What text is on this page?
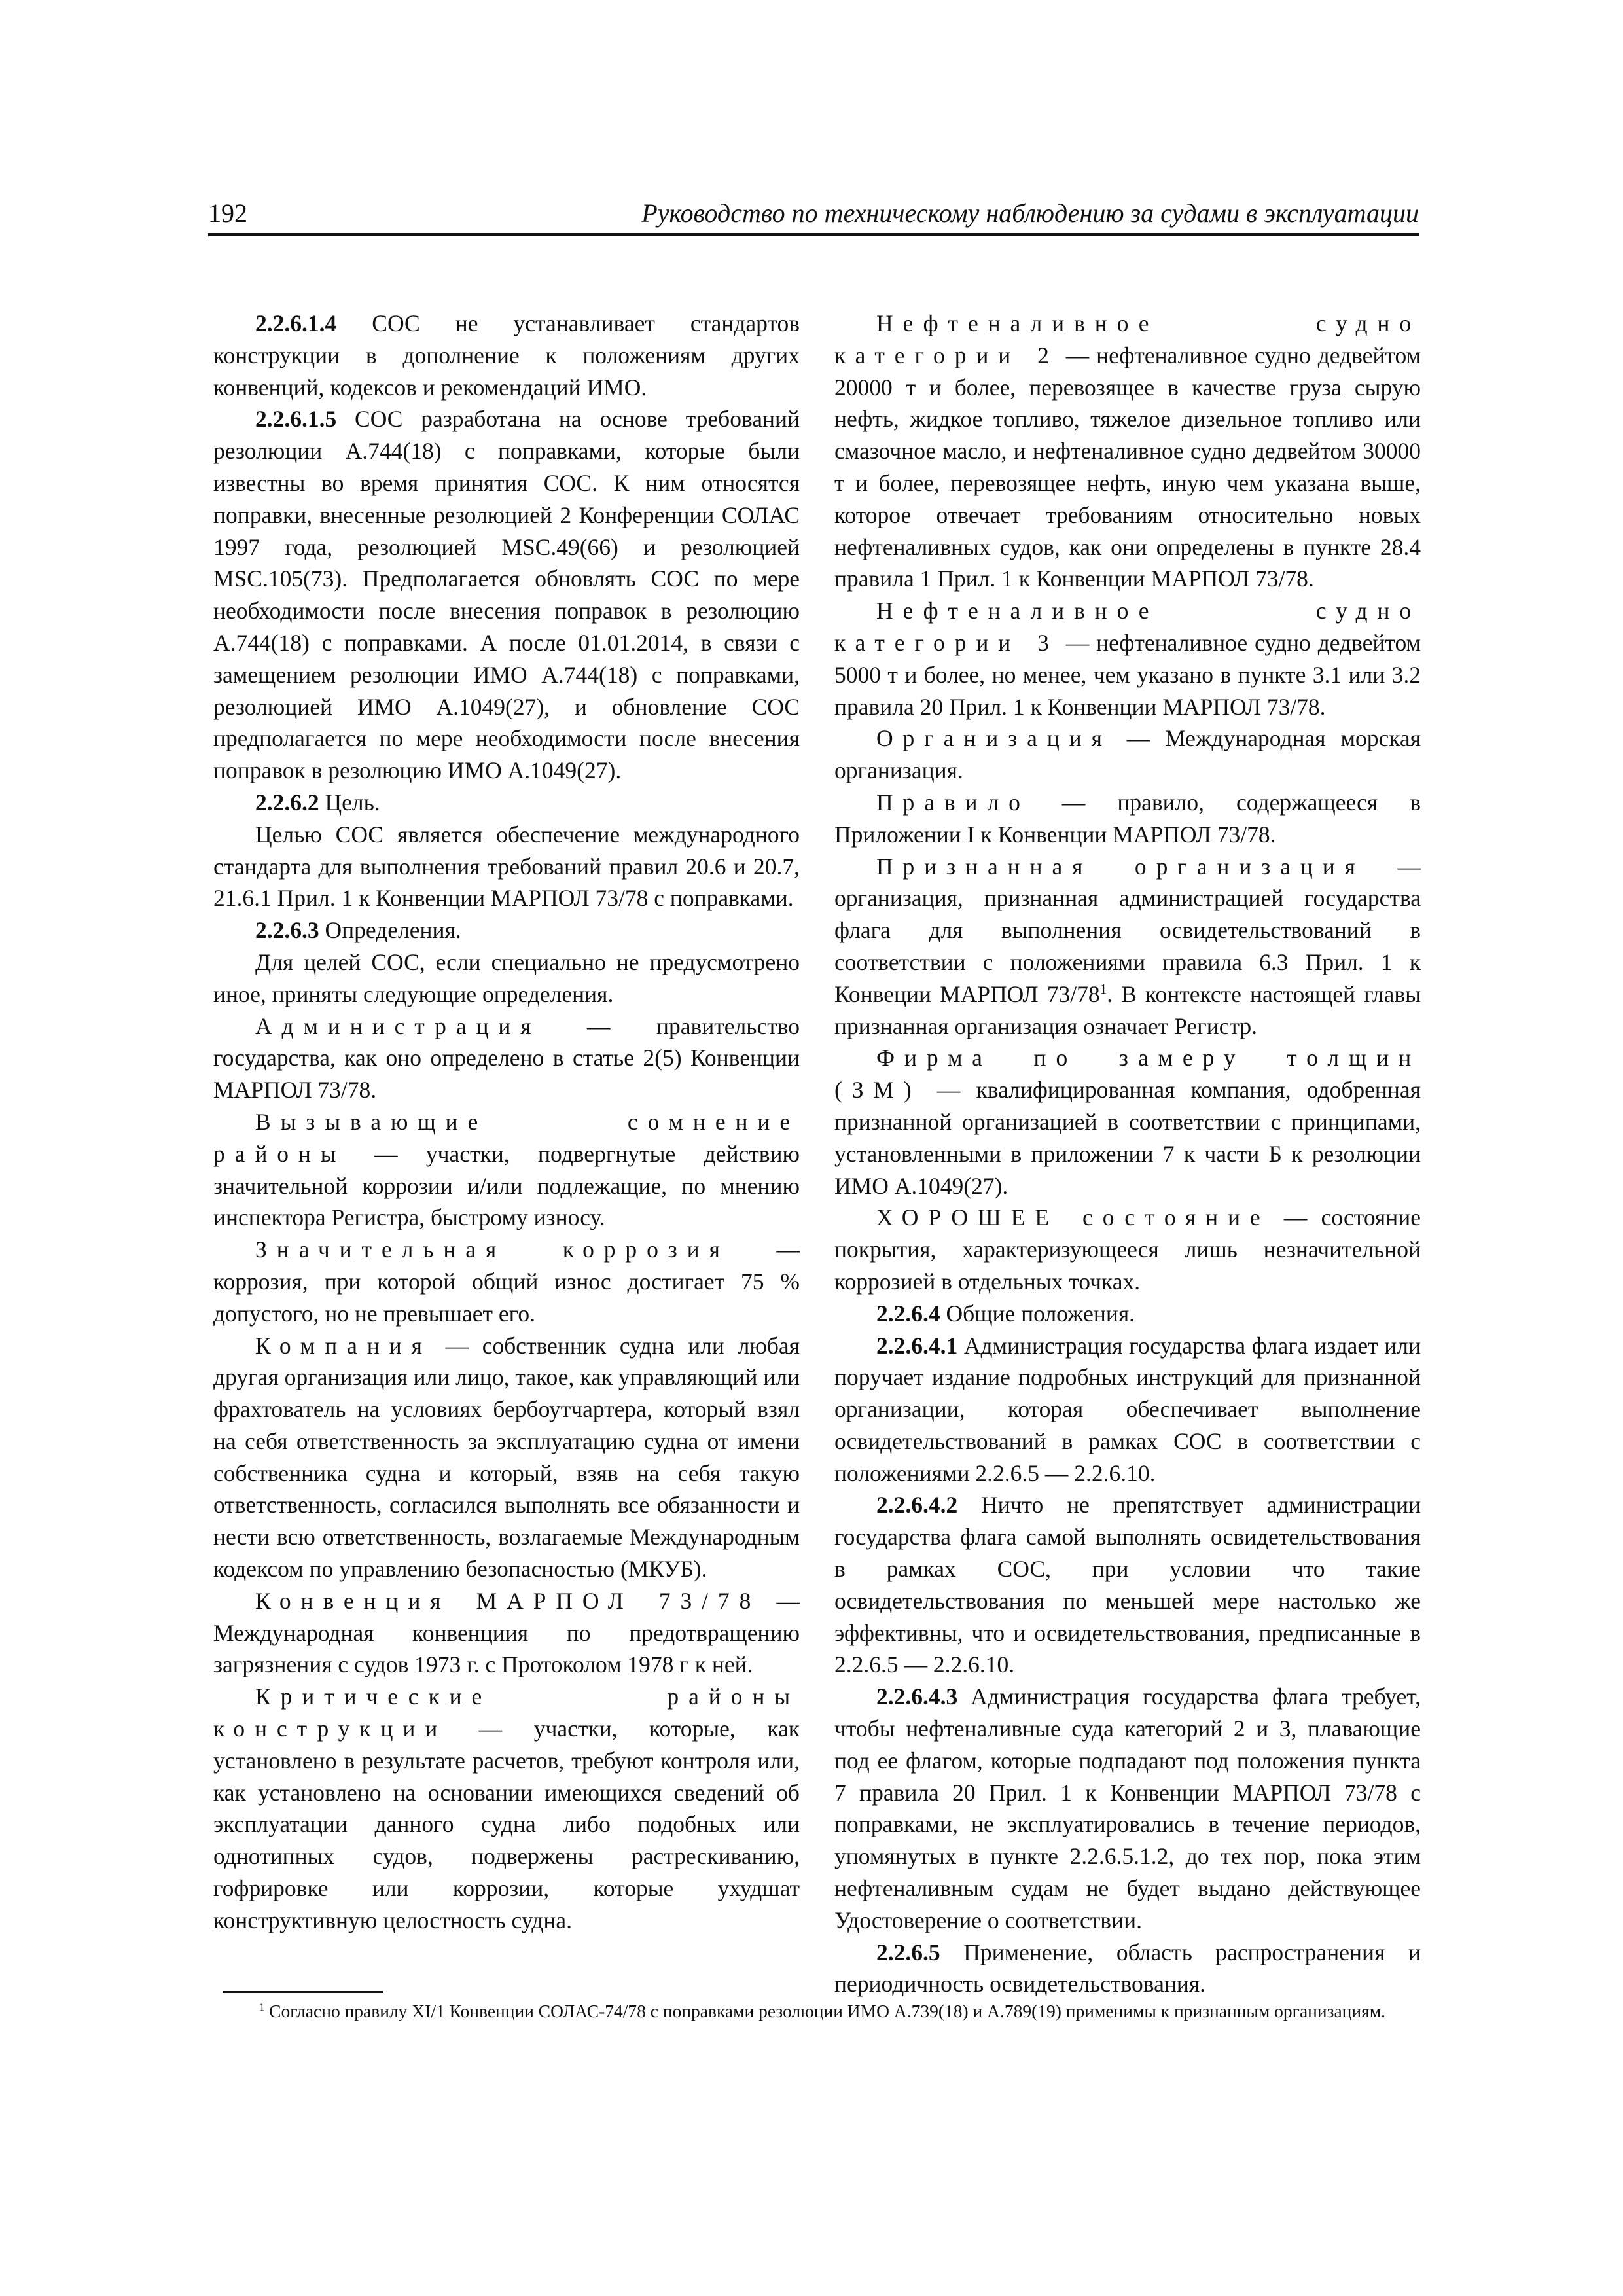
192	Руководство по техническому наблюдению за судами в эксплуатации

2.2.6.1.4 СОС не устанавливает стандартов конструкции в дополнение к положениям других конвенций, кодексов и рекомендаций ИМО.

2.2.6.1.5 СОС разработана на основе требований резолюции А.744(18) с поправками, которые были известны во время принятия СОС. К ним относятся поправки, внесенные резолюцией 2 Конференции СОЛАС 1997 года, резолюцией MSC.49(66) и резолюцией MSC.105(73). Предполагается обновлять СОС по мере необходимости после внесения поправок в резолюцию А.744(18) с поправками. А после 01.01.2014, в связи с замещением резолюции ИМО А.744(18) с поправками, резолюцией ИМО А.1049(27), и обновление СОС предполагается по мере необходимости после внесения поправок в резолюцию ИМО А.1049(27).

2.2.6.2 Цель.

Целью СОС является обеспечение международного стандарта для выполнения требований правил 20.6 и 20.7, 21.6.1 Прил. 1 к Конвенции МАРПОЛ 73/78 с поправками.

2.2.6.3 Определения.

Для целей СОС, если специально не предусмотрено иное, приняты следующие определения.

Администрация — правительство государства, как оно определено в статье 2(5) Конвенции МАРПОЛ 73/78.

Вызывающие сомнение районы — участки, подвергнутые действию значительной коррозии и/или подлежащие, по мнению инспектора Регистра, быстрому износу.

Значительная коррозия — коррозия, при которой общий износ достигает 75 % допустого, но не превышает его.

Компания — собственник судна или любая другая организация или лицо, такое, как управляющий или фрахтователь на условиях бербоутчартера, который взял на себя ответственность за эксплуатацию судна от имени собственника судна и который, взяв на себя такую ответственность, согласился выполнять все обязанности и нести всю ответственность, возлагаемые Международным кодексом по управлению безопасностью (МКУБ).

Конвенция МАРПОЛ 73/78 — Международная конвенциия по предотвращению загрязнения с судов 1973 г. с Протоколом 1978 г к ней.

Критические районы конструкции — участки, которые, как установлено в результате расчетов, требуют контроля или, как установлено на основании имеющихся сведений об эксплуатации данного судна либо подобных или однотипных судов, подвержены растрескиванию, гофрировке или коррозии, которые ухудшат конструктивную целостность судна.

Нефтеналивное судно категории 2 — нефтеналивное судно дедвейтом 20000 т и более, перевозящее в качестве груза сырую нефть, жидкое топливо, тяжелое дизельное топливо или смазочное масло, и нефтеналивное судно дедвейтом 30000 т и более, перевозящее нефть, иную чем указана выше, которое отвечает требованиям относительно новых нефтеналивных судов, как они определены в пункте 28.4 правила 1 Прил. 1 к Конвенции МАРПОЛ 73/78.

Нефтеналивное судно категории 3 — нефтеналивное судно дедвейтом 5000 т и более, но менее, чем указано в пункте 3.1 или 3.2 правила 20 Прил. 1 к Конвенции МАРПОЛ 73/78.

Организация — Международная морская организация.

Правило — правило, содержащееся в Приложении I к Конвенции МАРПОЛ 73/78.

Признанная организация — организация, признанная администрацией государства флага для выполнения освидетельствований в соответствии с положениями правила 6.3 Прил. 1 к Конвеции МАРПОЛ $73/78^1$. В контексте настоящей главы признанная организация означает Регистр.

Фирма по замеру толщин (ЗМ) — квалифицированная компания, одобренная признанной организацией в соответствии с принципами, установленными в приложении 7 к части Б к резолюции ИМО А.1049(27).

ХОРОШЕЕ состояние — состояние покрытия, характеризующееся лишь незначительной коррозией в отдельных точках.

2.2.6.4 Общие положения.

2.2.6.4.1 Администрация государства флага издает или поручает издание подробных инструкций для признанной организации, которая обеспечивает выполнение освидетельствований в рамках СОС в соответствии с положениями 2.2.6.5 — 2.2.6.10.

2.2.6.4.2 Ничто не препятствует администрации государства флага самой выполнять освидетельствования в рамках СОС, при условии что такие освидетельствования по меньшей мере настолько же эффективны, что и освидетельствования, предписанные в 2.2.6.5 — 2.2.6.10.

2.2.6.4.3 Администрация государства флага требует, чтобы нефтеналивные суда категорий 2 и 3, плавающие под ее флагом, которые подпадают под положения пункта 7 правила 20 Прил. 1 к Конвенции МАРПОЛ 73/78 с поправками, не эксплуатировались в течение периодов, упомянутых в пункте 2.2.6.5.1.2, до тех пор, пока этим нефтеналивным судам не будет выдано действующее Удостоверение о соответствии.

2.2.6.5 Применение, область распространения и периодичность освидетельствования.

$^1$ Согласно правилу XI/1 Конвенции СОЛАС-74/78 с поправками резолюции ИМО А.739(18) и А.789(19) применимы к признанным организациям.
